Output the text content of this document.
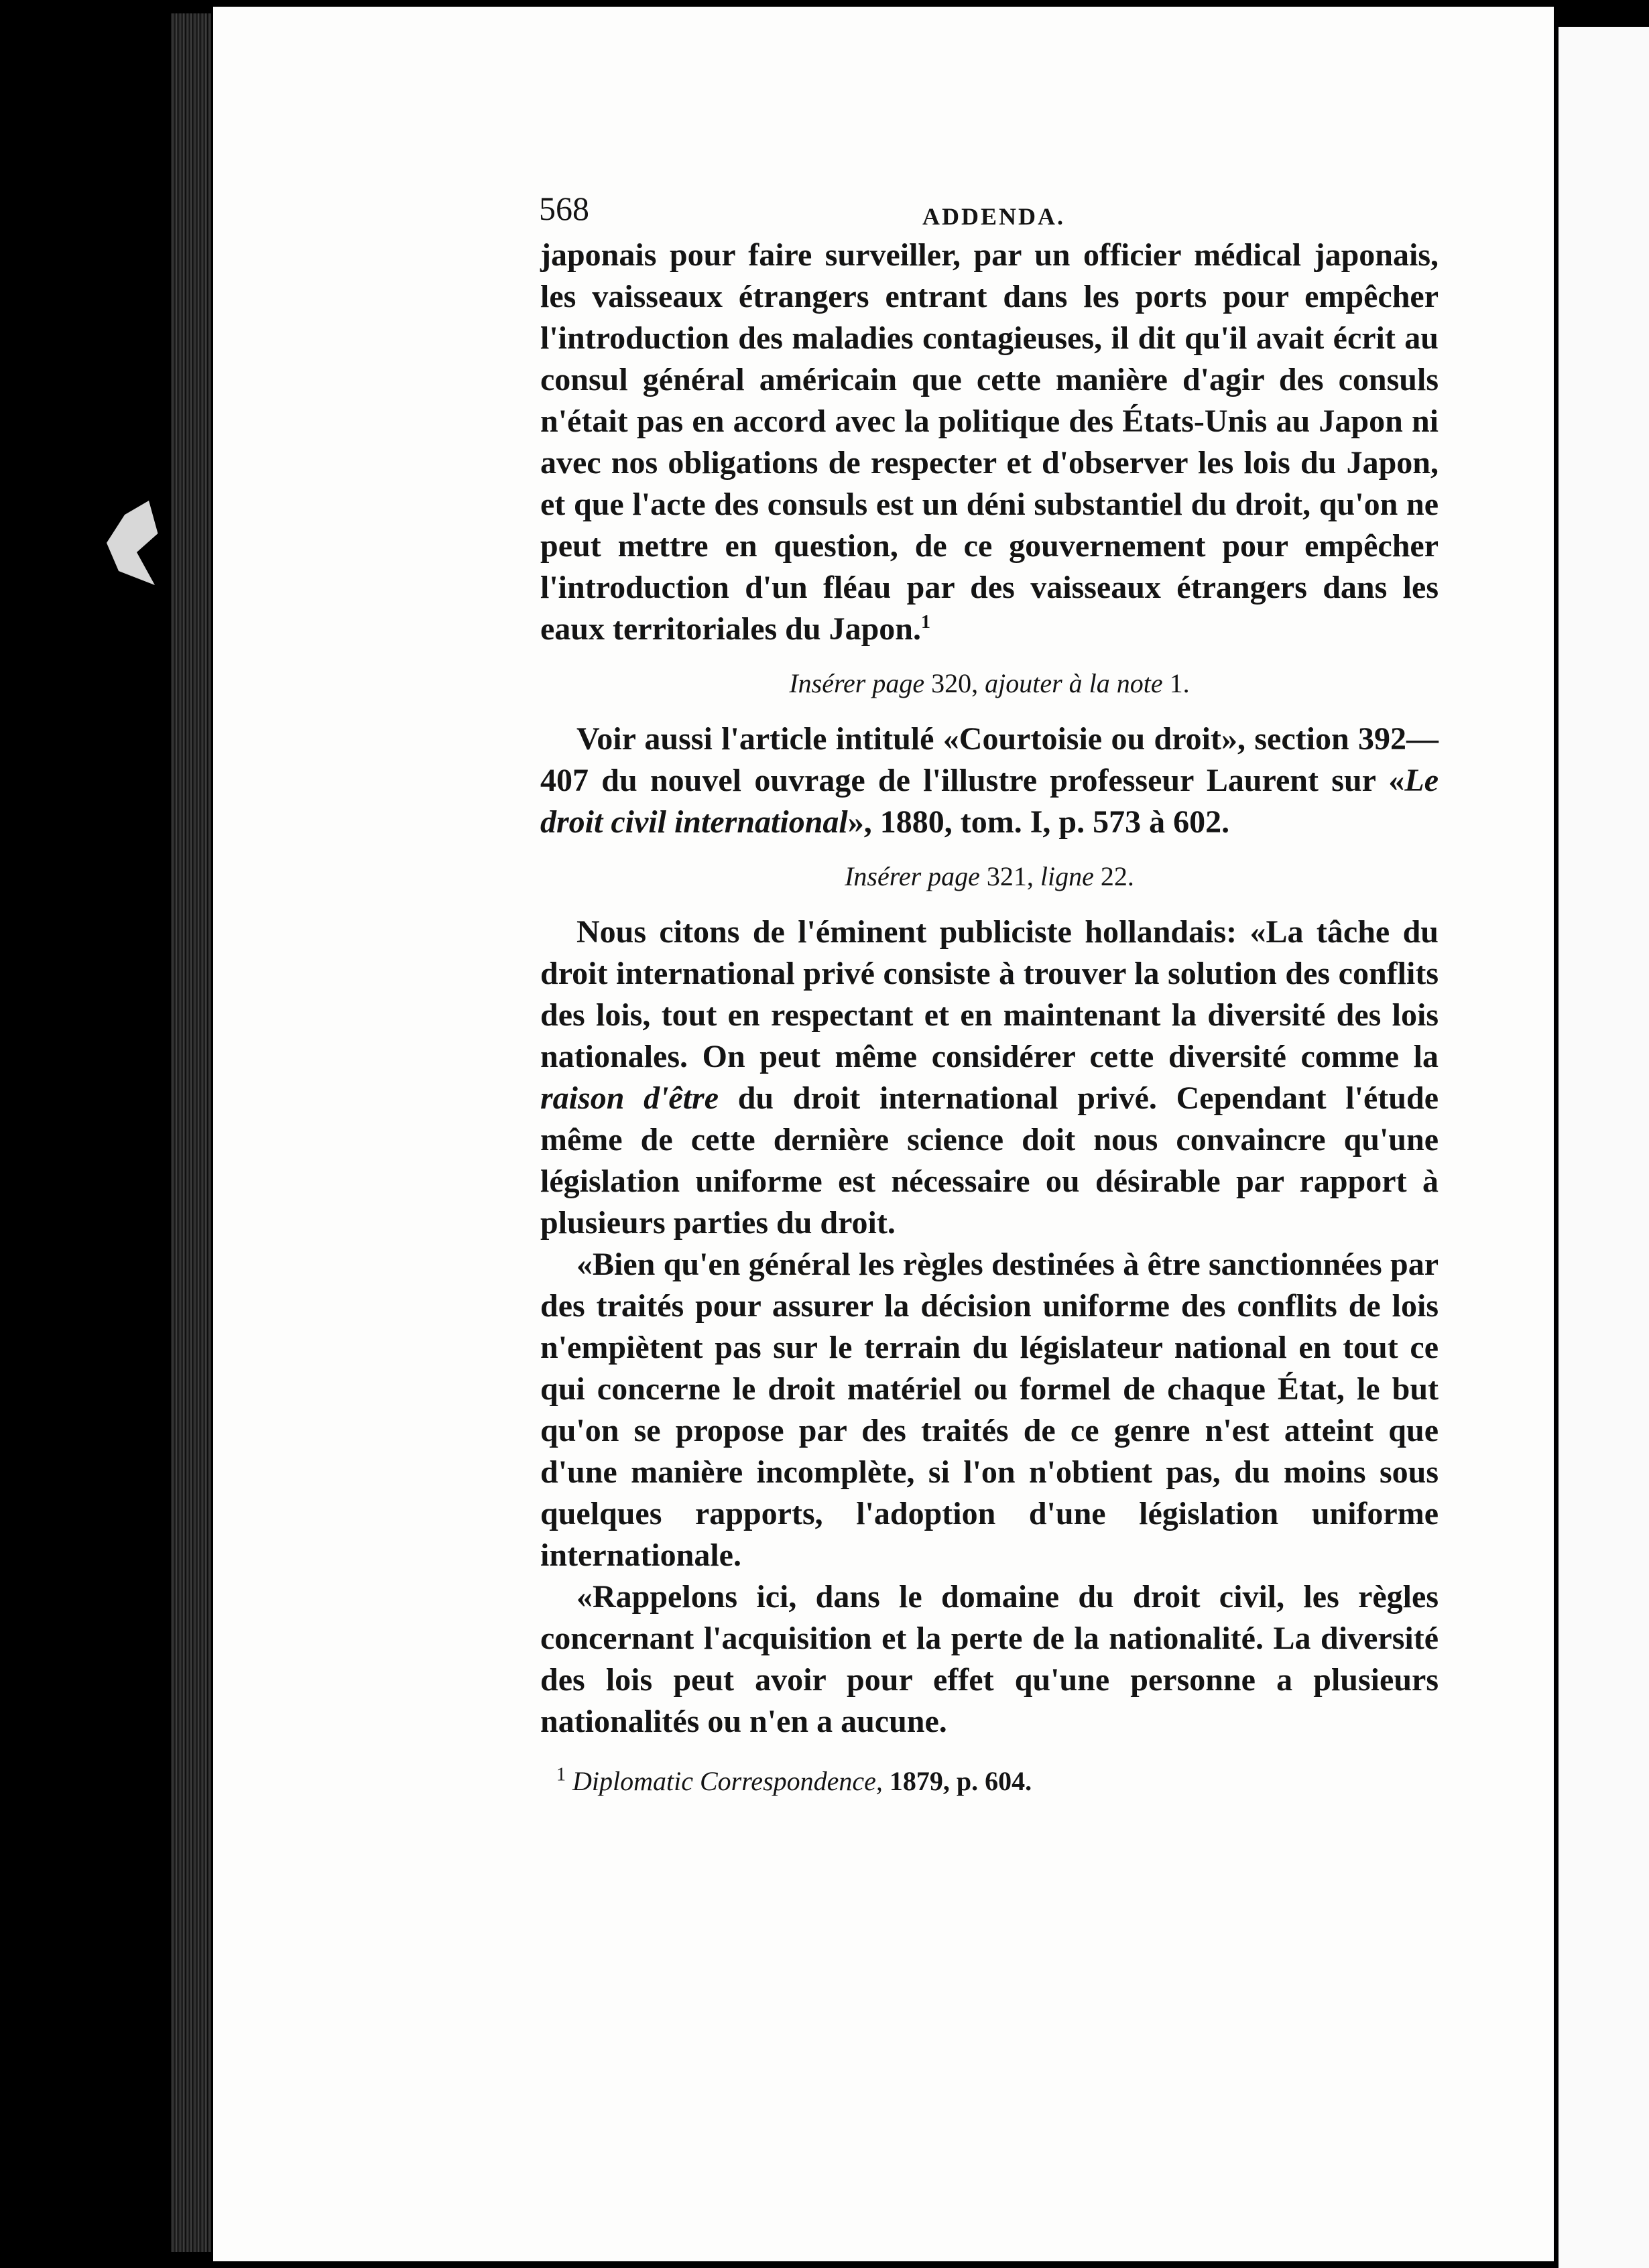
568	ADDENDA.

japonais pour faire surveiller, par un officier médical japonais, les vaisseaux étrangers entrant dans les ports pour empêcher l'introduction des maladies contagieuses, il dit qu'il avait écrit au consul général américain que cette manière d'agir des consuls n'était pas en accord avec la politique des États-Unis au Japon ni avec nos obligations de respecter et d'observer les lois du Japon, et que l'acte des consuls est un déni substantiel du droit, qu'on ne peut mettre en question, de ce gouvernement pour empêcher l'introduction d'un fléau par des vaisseaux étrangers dans les eaux territoriales du Japon.$^1$

Insérer page 320, ajouter à la note 1.

Voir aussi l'article intitulé «Courtoisie ou droit», section 392—407 du nouvel ouvrage de l'illustre professeur Laurent sur «Le droit civil international», 1880, tom. I, p. 573 à 602.

Insérer page 321, ligne 22.

Nous citons de l'éminent publiciste hollandais: «La tâche du droit international privé consiste à trouver la solution des conflits des lois, tout en respectant et en maintenant la diversité des lois nationales. On peut même considérer cette diversité comme la raison d'être du droit international privé. Cependant l'étude même de cette dernière science doit nous convaincre qu'une législation uniforme est nécessaire ou désirable par rapport à plusieurs parties du droit.

«Bien qu'en général les règles destinées à être sanctionnées par des traités pour assurer la décision uniforme des conflits de lois n'empiètent pas sur le terrain du législateur national en tout ce qui concerne le droit matériel ou formel de chaque État, le but qu'on se propose par des traités de ce genre n'est atteint que d'une manière incomplète, si l'on n'obtient pas, du moins sous quelques rapports, l'adoption d'une législation uniforme internationale.

«Rappelons ici, dans le domaine du droit civil, les règles concernant l'acquisition et la perte de la nationalité. La diversité des lois peut avoir pour effet qu'une personne a plusieurs nationalités ou n'en a aucune.

$^1$ Diplomatic Correspondence, 1879, p. 604.
